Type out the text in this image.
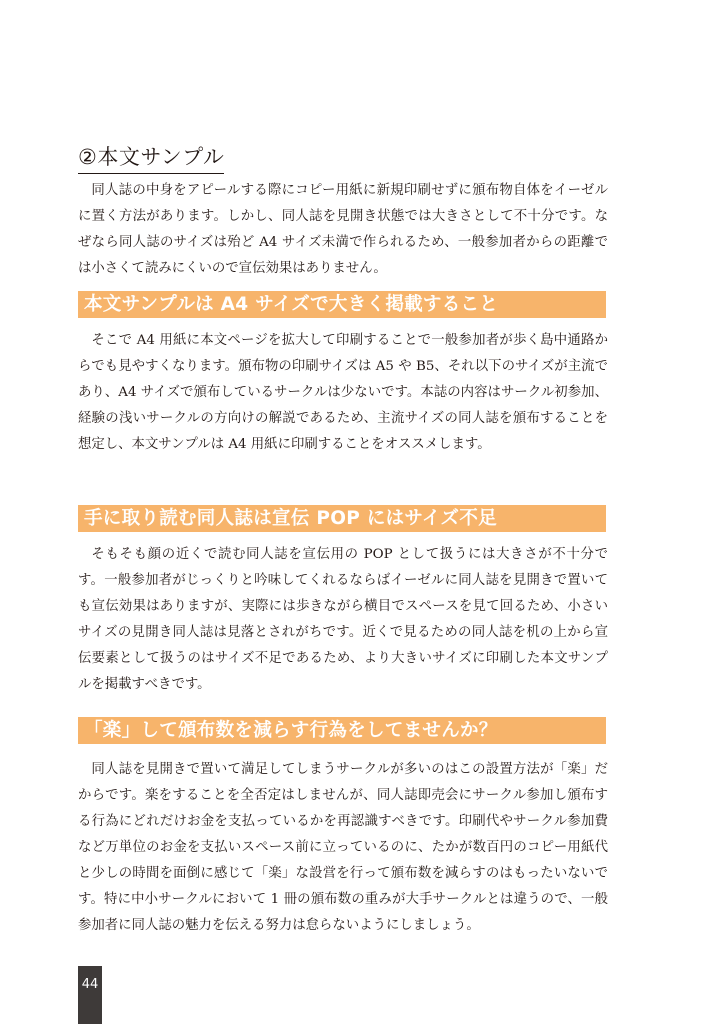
②本文サンプル

同人誌の中身をアピールする際にコピー用紙に新規印刷せずに頒布物自体をイーゼルに置く方法があります。しかし、同人誌を見開き状態では大きさとして不十分です。なぜなら同人誌のサイズは殆ど A4 サイズ未満で作られるため、一般参加者からの距離では小さくて読みにくいので宣伝効果はありません。

本文サンプルは A4 サイズで大きく掲載すること

そこで A4 用紙に本文ページを拡大して印刷することで一般参加者が歩く島中通路からでも見やすくなります。頒布物の印刷サイズは A5 や B5、それ以下のサイズが主流であり、A4 サイズで頒布しているサークルは少ないです。本誌の内容はサークル初参加、経験の浅いサークルの方向けの解説であるため、主流サイズの同人誌を頒布することを想定し、本文サンプルは A4 用紙に印刷することをオススメします。

手に取り読む同人誌は宣伝 POP にはサイズ不足

そもそも顔の近くで読む同人誌を宣伝用の POP として扱うには大きさが不十分です。一般参加者がじっくりと吟味してくれるならばイーゼルに同人誌を見開きで置いても宣伝効果はありますが、実際には歩きながら横目でスペースを見て回るため、小さいサイズの見開き同人誌は見落とされがちです。近くで見るための同人誌を机の上から宣伝要素として扱うのはサイズ不足であるため、より大きいサイズに印刷した本文サンプルを掲載すべきです。

「楽」して頒布数を減らす行為をしてませんか？

同人誌を見開きで置いて満足してしまうサークルが多いのはこの設置方法が「楽」だからです。楽をすることを全否定はしませんが、同人誌即売会にサークル参加し頒布する行為にどれだけお金を支払っているかを再認識すべきです。印刷代やサークル参加費など万単位のお金を支払いスペース前に立っているのに、たかが数百円のコピー用紙代と少しの時間を面倒に感じて「楽」な設営を行って頒布数を減らすのはもったいないです。特に中小サークルにおいて 1 冊の頒布数の重みが大手サークルとは違うので、一般参加者に同人誌の魅力を伝える努力は怠らないようにしましょう。

44
